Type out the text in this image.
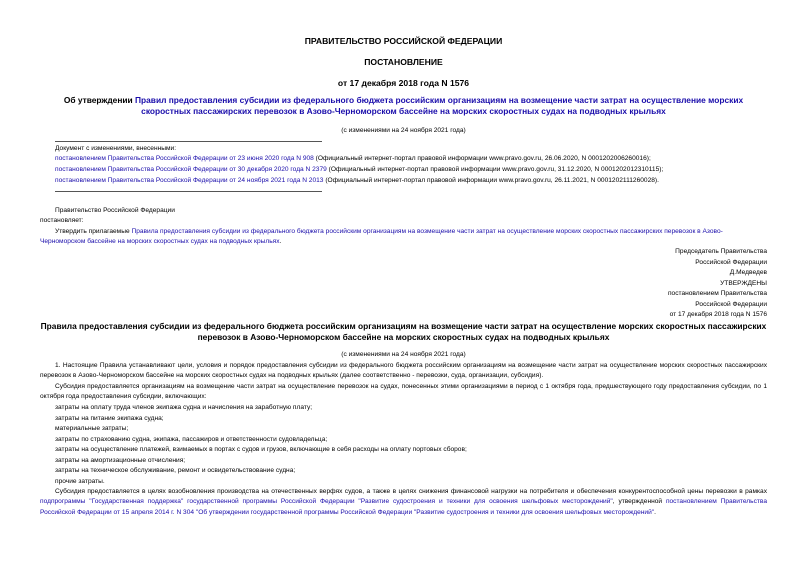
ПРАВИТЕЛЬСТВО РОССИЙСКОЙ ФЕДЕРАЦИИ
ПОСТАНОВЛЕНИЕ
от 17 декабря 2018 года N 1576
Об утверждении Правил предоставления субсидии из федерального бюджета российским организациям на возмещение части затрат на осуществление морских скоростных пассажирских перевозок в Азово-Черноморском бассейне на морских скоростных судах на подводных крыльях
(с изменениями на 24 ноября 2021 года)
Документ с изменениями, внесенными:
постановлением Правительства Российской Федерации от 23 июня 2020 года N 908 (Официальный интернет-портал правовой информации www.pravo.gov.ru, 26.06.2020, N 0001202006260016);
постановлением Правительства Российской Федерации от 30 декабря 2020 года N 2379 (Официальный интернет-портал правовой информации www.pravo.gov.ru, 31.12.2020, N 0001202012310115);
постановлением Правительства Российской Федерации от 24 ноября 2021 года N 2013 (Официальный интернет-портал правовой информации www.pravo.gov.ru, 26.11.2021, N 0001202111260028).
Правительство Российской Федерации
постановляет:
Утвердить прилагаемые Правила предоставления субсидии из федерального бюджета российским организациям на возмещение части затрат на осуществление морских скоростных пассажирских перевозок в Азово-Черноморском бассейне на морских скоростных судах на подводных крыльях.
Председатель Правительства
Российской Федерации
Д.Медведев
УТВЕРЖДЕНЫ
постановлением Правительства
Российской Федерации
от 17 декабря 2018 года N 1576
Правила предоставления субсидии из федерального бюджета российским организациям на возмещение части затрат на осуществление морских скоростных пассажирских перевозок в Азово-Черноморском бассейне на морских скоростных судах на подводных крыльях
(с изменениями на 24 ноября 2021 года)
1. Настоящие Правила устанавливают цели, условия и порядок предоставления субсидии из федерального бюджета российским организациям на возмещение части затрат на осуществление морских скоростных пассажирских перевозок в Азово-Черноморском бассейне на морских скоростных судах на подводных крыльях (далее соответственно - перевозки, суда, организации, субсидия).
Субсидия предоставляется организациям на возмещение части затрат на осуществление перевозок на судах, понесенных этими организациями в период с 1 октября года, предшествующего году предоставления субсидии, по 1 октября года предоставления субсидии, включающих:
затраты на оплату труда членов экипажа судна и начисления на заработную плату;
затраты на питание экипажа судна;
материальные затраты;
затраты по страхованию судна, экипажа, пассажиров и ответственности судовладельца;
затраты на осуществление платежей, взимаемых в портах с судов и грузов, включающие в себя расходы на оплату портовых сборов;
затраты на амортизационные отчисления;
затраты на техническое обслуживание, ремонт и освидетельствование судна;
прочие затраты.
Субсидия предоставляется в целях возобновления производства на отечественных верфях судов, а также в целях снижения финансовой нагрузки на потребителя и обеспечения конкурентоспособной цены перевозки в рамках подпрограммы "Государственная поддержка" государственной программы Российской Федерации "Развитие судостроения и техники для освоения шельфовых месторождений", утвержденной постановлением Правительства Российской Федерации от 15 апреля 2014 г. N 304 "Об утверждении государственной программы Российской Федерации "Развитие судостроения и техники для освоения шельфовых месторождений".
